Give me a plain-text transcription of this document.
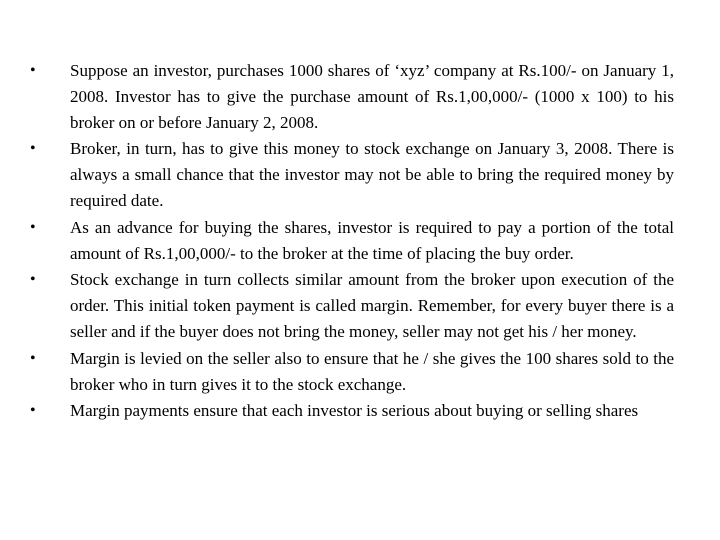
•	Suppose an investor, purchases 1000 shares of ‘xyz’ company at Rs.100/- on January 1, 2008. Investor has to give the purchase amount of Rs.1,00,000/- (1000 x 100) to his broker on or before January 2, 2008.
•	Broker, in turn, has to give this money to stock exchange on January 3, 2008. There is always a small chance that the investor may not be able to bring the required money by required date.
•	As an advance for buying the shares, investor is required to pay a portion of the total amount of Rs.1,00,000/- to the broker at the time of placing the buy order.
•	Stock exchange in turn collects similar amount from the broker upon execution of the order. This initial token payment is called margin. Remember, for every buyer there is a seller and if the buyer does not bring the money, seller may not get his / her money.
•	Margin is levied on the seller also to ensure that he / she gives the 100 shares sold to the broker who in turn gives it to the stock exchange.
•	Margin payments ensure that each investor is serious about buying or selling shares
